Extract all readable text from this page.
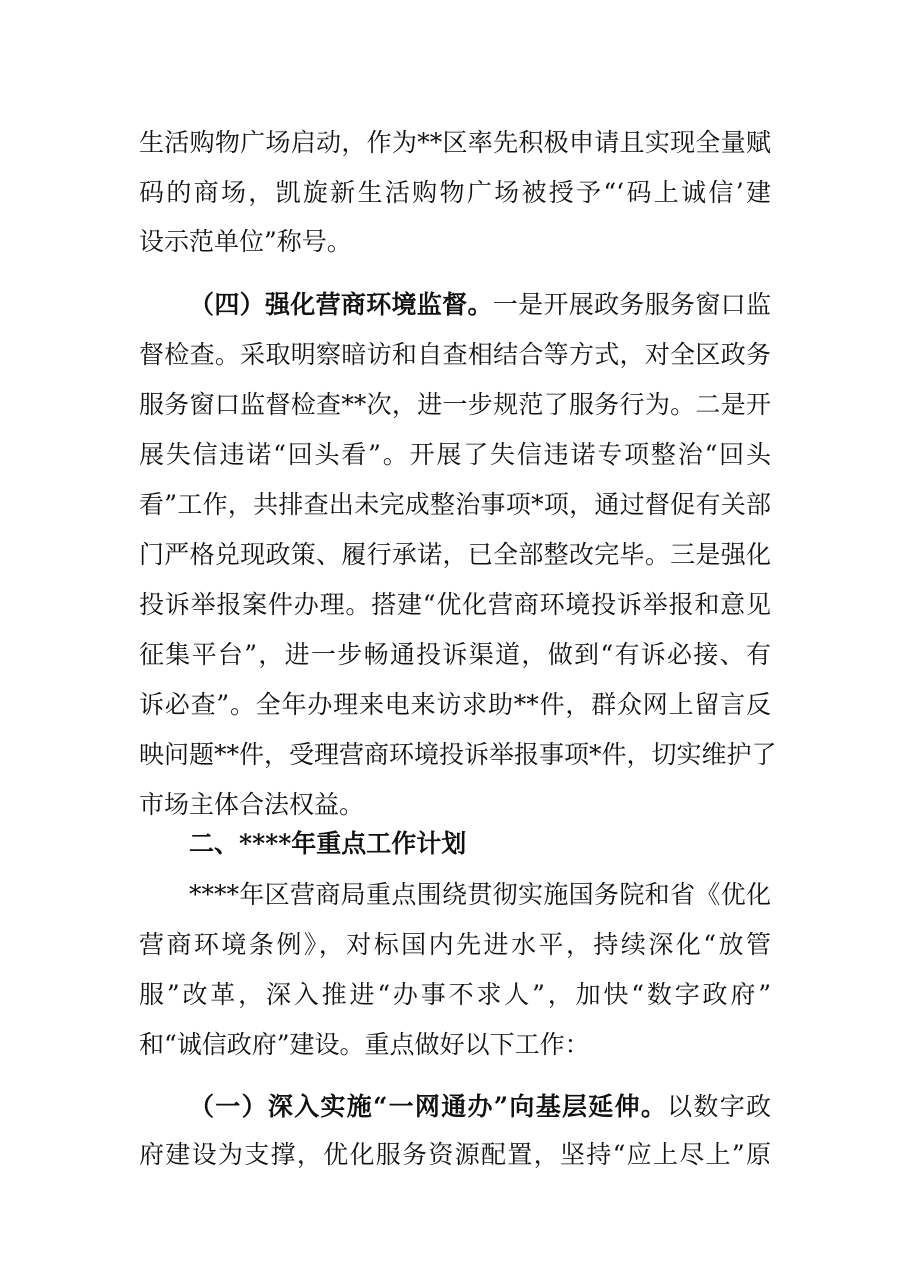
生活购物广场启动，作为**区率先积极申请且实现全量赋
码的商场，凯旋新生活购物广场被授予“‘码上诚信’建
设示范单位”称号。
（四）强化营商环境监督。一是开展政务服务窗口监
督检查。采取明察暗访和自查相结合等方式，对全区政务
服务窗口监督检查**次，进一步规范了服务行为。二是开
展失信违诺“回头看”。开展了失信违诺专项整治“回头
看”工作，共排查出未完成整治事项*项，通过督促有关部
门严格兑现政策、履行承诺，已全部整改完毕。三是强化
投诉举报案件办理。搭建“优化营商环境投诉举报和意见
征集平台”，进一步畅通投诉渠道，做到“有诉必接、有
诉必查”。全年办理来电来访求助**件，群众网上留言反
映问题**件，受理营商环境投诉举报事项*件，切实维护了
市场主体合法权益。
二、****年重点工作计划
****年区营商局重点围绕贯彻实施国务院和省《优化
营商环境条例》，对标国内先进水平，持续深化“放管
服”改革，深入推进“办事不求人”，加快“数字政府”
和“诚信政府”建设。重点做好以下工作：
（一）深入实施“一网通办”向基层延伸。以数字政
府建设为支撑，优化服务资源配置，坚持“应上尽上”原
